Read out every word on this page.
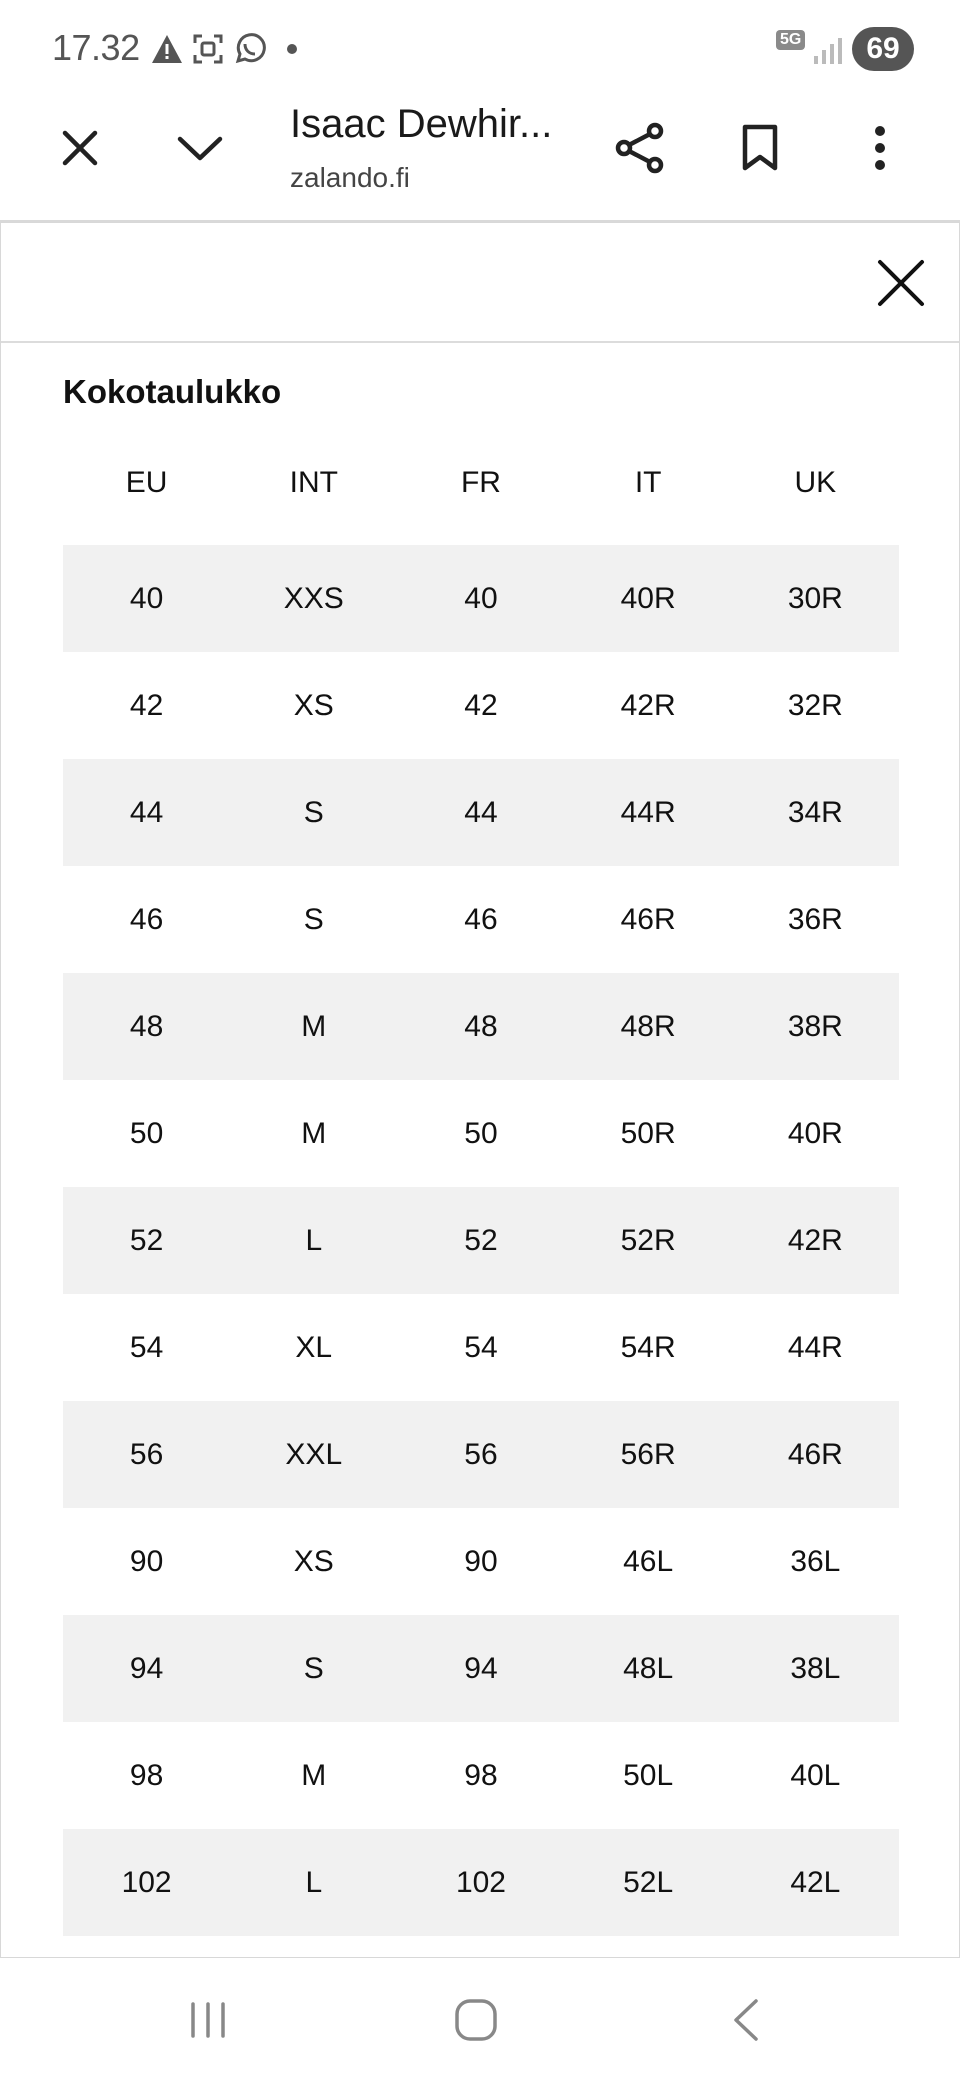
17.32	5G	69
Isaac Dewhir...
zalando.fi
Kokotaulukko
EU	INT	FR	IT	UK
40	XXS	40	40R	30R
42	XS	42	42R	32R
44	S	44	44R	34R
46	S	46	46R	36R
48	M	48	48R	38R
50	M	50	50R	40R
52	L	52	52R	42R
54	XL	54	54R	44R
56	XXL	56	56R	46R
90	XS	90	46L	36L
94	S	94	48L	38L
98	M	98	50L	40L
102	L	102	52L	42L
